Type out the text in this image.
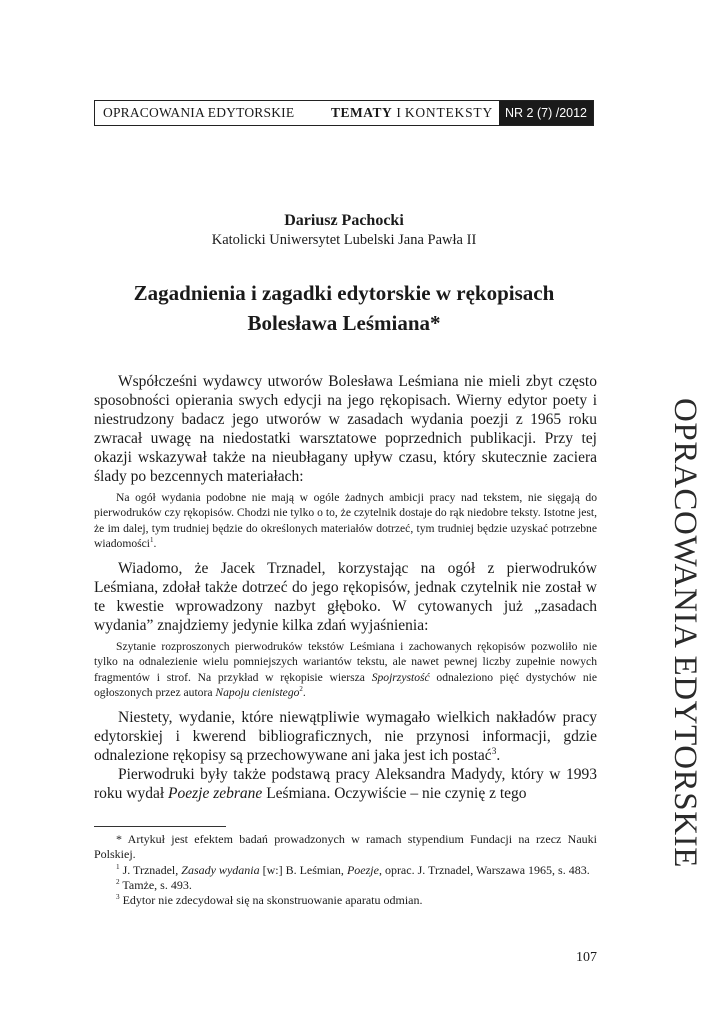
OPRACOWANIA EDYTORSKIE	TEMATY I KONTEKSTY NR 2 (7) /2012
Dariusz Pachocki
Katolicki Uniwersytet Lubelski Jana Pawła II
Zagadnienia i zagadki edytorskie w rękopisach
Bolesława Leśmiana*

Współcześni wydawcy utworów Bolesława Leśmiana nie mieli zbyt często sposobności opierania swych edycji na jego rękopisach. Wierny edytor poety i niestrudzony badacz jego utworów w zasadach wydania poezji z 1965 roku zwracał uwagę na niedostatki warsztatowe poprzednich publikacji. Przy tej okazji wskazywał także na nieubłagany upływ czasu, który skutecznie zaciera ślady po bezcennych materiałach:

Na ogół wydania podobne nie mają w ogóle żadnych ambicji pracy nad tekstem, nie sięgają do pierwodruków czy rękopisów. Chodzi nie tylko o to, że czytelnik dostaje do rąk niedobre teksty. Istotne jest, że im dalej, tym trudniej będzie do określonych materiałów dotrzeć, tym trudniej będzie uzyskać potrzebne wiadomości$^1$.

Wiadomo, że Jacek Trznadel, korzystając na ogół z pierwodruków Leśmiana, zdołał także dotrzeć do jego rękopisów, jednak czytelnik nie został w te kwestie wprowadzony nazbyt głęboko. W cytowanych już „zasadach wydania” znajdziemy jedynie kilka zdań wyjaśnienia:

Szytanie rozproszonych pierwodruków tekstów Leśmiana i zachowanych rękopisów pozwoliło nie tylko na odnalezienie wielu pomniejszych wariantów tekstu, ale nawet pewnej liczby zupełnie nowych fragmentów i strof. Na przykład w rękopisie wiersza Spojrzystość odnaleziono pięć dystychów nie ogłoszonych przez autora Napoju cienistego$^2$.

Niestety, wydanie, które niewątpliwie wymagało wielkich nakładów pracy edytorskiej i kwerend bibliograficznych, nie przynosi informacji, gdzie odnalezione rękopisy są przechowywane ani jaka jest ich postać$^3$.

Pierwodruki były także podstawą pracy Aleksandra Madydy, który w 1993 roku wydał Poezje zebrane Leśmiana. Oczywiście – nie czynię z tego

* Artykuł jest efektem badań prowadzonych w ramach stypendium Fundacji na rzecz Nauki Polskiej.

$^1$ J. Trznadel, Zasady wydania [w:] B. Leśmian, Poezje, oprac. J. Trznadel, Warszawa 1965, s. 483.

$^2$ Tamże, s. 493.

$^3$ Edytor nie zdecydował się na skonstruowanie aparatu odmian.

OPRACOWANIA EDYTORSKIE
107
